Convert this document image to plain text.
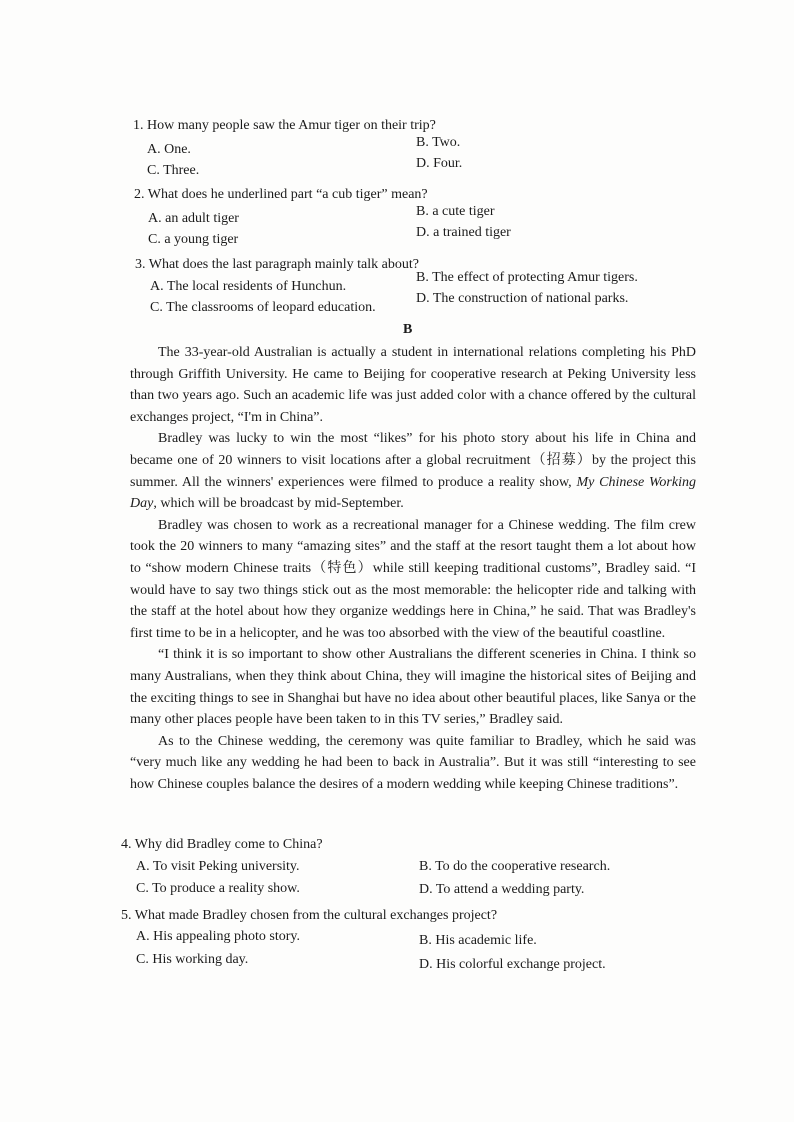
1. How many people saw the Amur tiger on their trip?
A. One.	B. Two.
C. Three.	D. Four.
2. What does he underlined part “a cub tiger” mean?
A. an adult tiger	B. a cute tiger
C. a young tiger	D. a trained tiger
3. What does the last paragraph mainly talk about?
A. The local residents of Hunchun.
B. The effect of protecting Amur tigers.
C. The classrooms of leopard education.
D. The construction of national parks.
B

The 33-year-old Australian is actually a student in international relations completing his PhD through Griffith University. He came to Beijing for cooperative research at Peking University less than two years ago. Such an academic life was just added color with a chance offered by the cultural exchanges project, “I'm in China”.

Bradley was lucky to win the most “likes” for his photo story about his life in China and became one of 20 winners to visit locations after a global recruitment（招募）by the project this summer. All the winners' experiences were filmed to produce a reality show, My Chinese Working Day, which will be broadcast by mid-September.

Bradley was chosen to work as a recreational manager for a Chinese wedding. The film crew took the 20 winners to many “amazing sites” and the staff at the resort taught them a lot about how to “show modern Chinese traits（特色）while still keeping traditional customs”, Bradley said. “I would have to say two things stick out as the most memorable: the helicopter ride and talking with the staff at the hotel about how they organize weddings here in China,” he said. That was Bradley's first time to be in a helicopter, and he was too absorbed with the view of the beautiful coastline.

“I think it is so important to show other Australians the different sceneries in China. I think so many Australians, when they think about China, they will imagine the historical sites of Beijing and the exciting things to see in Shanghai but have no idea about other beautiful places, like Sanya or the many other places people have been taken to in this TV series,” Bradley said.

As to the Chinese wedding, the ceremony was quite familiar to Bradley, which he said was “very much like any wedding he had been to back in Australia”. But it was still “interesting to see how Chinese couples balance the desires of a modern wedding while keeping Chinese traditions”.

4. Why did Bradley come to China?
A. To visit Peking university.	B. To do the cooperative research.
C. To produce a reality show.	D. To attend a wedding party.
5. What made Bradley chosen from the cultural exchanges project?
A. His appealing photo story.	B. His academic life.
C. His working day.	D. His colorful exchange project.
